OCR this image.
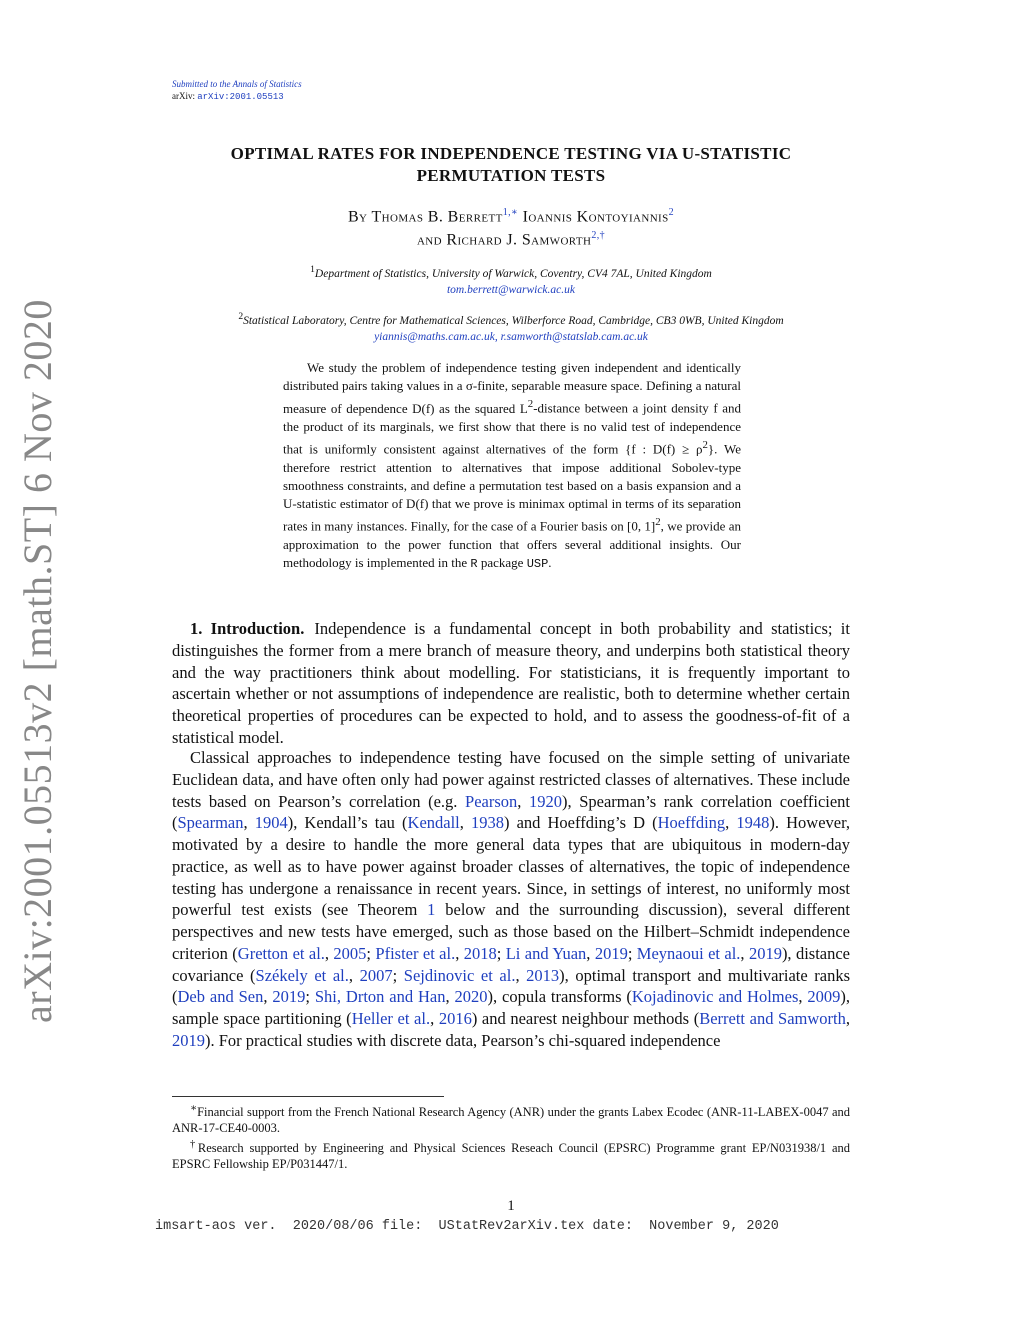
arXiv:2001.05513v2 [math.ST] 6 Nov 2020
Submitted to the Annals of Statistics
arXiv: arXiv:2001.05513
OPTIMAL RATES FOR INDEPENDENCE TESTING VIA U-STATISTIC
PERMUTATION TESTS
By Thomas B. Berrett$^{1,∗}$ Ioannis Kontoyiannis$^2$
and Richard J. Samworth$^{2,\dagger}$
$^1$Department of Statistics, University of Warwick, Coventry, CV4 7AL, United Kingdom
tom.berrett@warwick.ac.uk
$^2$Statistical Laboratory, Centre for Mathematical Sciences, Wilberforce Road, Cambridge, CB3 0WB, United Kingdom
yiannis@maths.cam.ac.uk, r.samworth@statslab.cam.ac.uk
We study the problem of independence testing given independent and identically distributed pairs taking values in a σ-finite, separable measure space. Defining a natural measure of dependence D(f) as the squared $L^2$-distance between a joint density f and the product of its marginals, we first show that there is no valid test of independence that is uniformly consistent against alternatives of the form {f : $D(f) \ge \rho^2$}. We therefore restrict attention to alternatives that impose additional Sobolev-type smoothness constraints, and define a permutation test based on a basis expansion and a U-statistic estimator of D(f) that we prove is minimax optimal in terms of its separation rates in many instances. Finally, for the case of a Fourier basis on [0, 1]$^2$, we provide an approximation to the power function that offers several additional insights. Our methodology is implemented in the R package USP.
1. Introduction. Independence is a fundamental concept in both probability and statistics; it distinguishes the former from a mere branch of measure theory, and underpins both statistical theory and the way practitioners think about modelling. For statisticians, it is frequently important to ascertain whether or not assumptions of independence are realistic, both to determine whether certain theoretical properties of procedures can be expected to hold, and to assess the goodness-of-fit of a statistical model.
Classical approaches to independence testing have focused on the simple setting of univariate Euclidean data, and have often only had power against restricted classes of alternatives. These include tests based on Pearson’s correlation (e.g. Pearson, 1920), Spearman’s rank correlation coefficient (Spearman, 1904), Kendall’s tau (Kendall, 1938) and Hoeffding’s D (Hoeffding, 1948). However, motivated by a desire to handle the more general data types that are ubiquitous in modern-day practice, as well as to have power against broader classes of alternatives, the topic of independence testing has undergone a renaissance in recent years. Since, in settings of interest, no uniformly most powerful test exists (see Theorem 1 below and the surrounding discussion), several different perspectives and new tests have emerged, such as those based on the Hilbert–Schmidt independence criterion (Gretton et al., 2005; Pfister et al., 2018; Li and Yuan, 2019; Meynaoui et al., 2019), distance covariance (Székely et al., 2007; Sejdinovic et al., 2013), optimal transport and multivariate ranks (Deb and Sen, 2019; Shi, Drton and Han, 2020), copula transforms (Kojadinovic and Holmes, 2009), sample space partitioning (Heller et al., 2016) and nearest neighbour methods (Berrett and Samworth, 2019). For practical studies with discrete data, Pearson’s chi-squared independence
∗Financial support from the French National Research Agency (ANR) under the grants Labex Ecodec (ANR-11-LABEX-0047 and ANR-17-CE40-0003.
†Research supported by Engineering and Physical Sciences Reseach Council (EPSRC) Programme grant EP/N031938/1 and EPSRC Fellowship EP/P031447/1.
1
imsart-aos ver.  2020/08/06 file:  UStatRev2arXiv.tex date:  November 9, 2020
